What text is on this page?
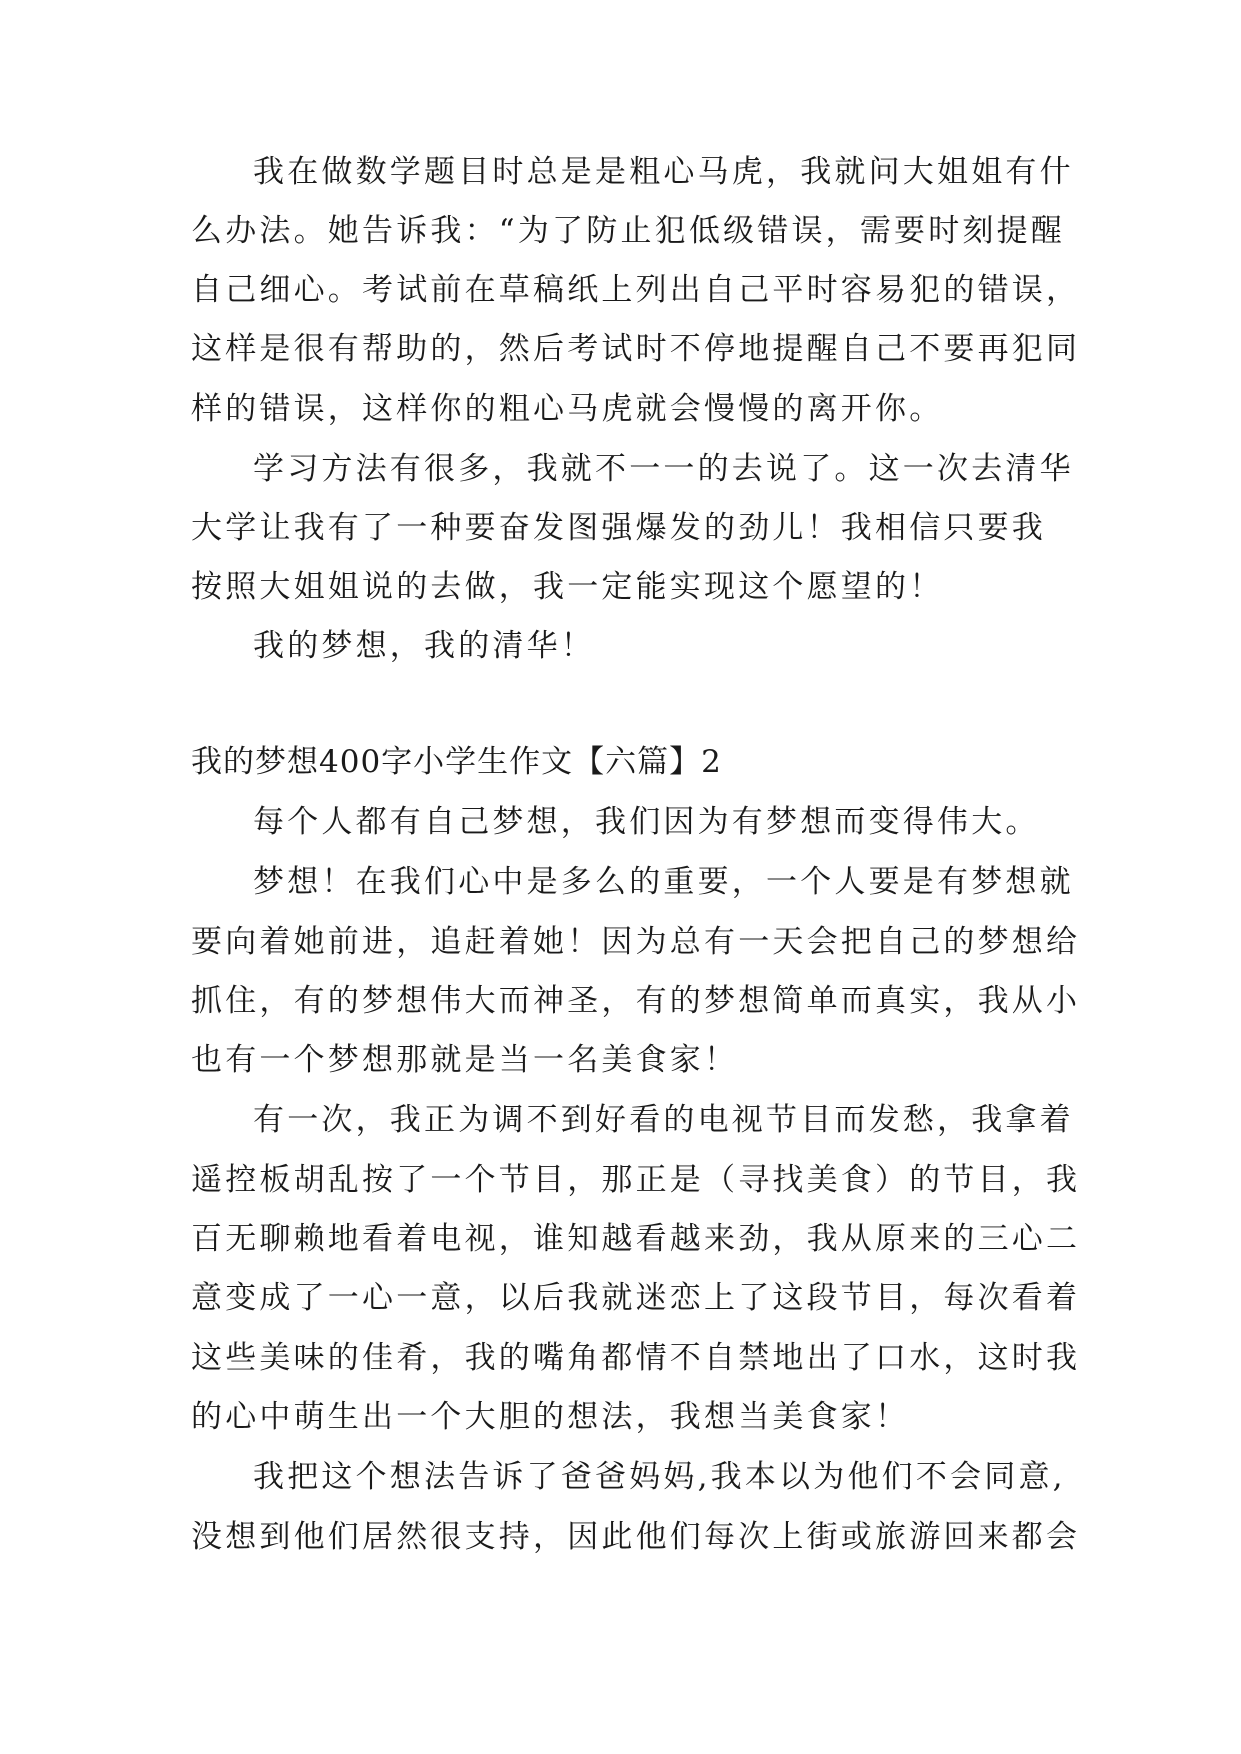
我在做数学题目时总是是粗心马虎，我就问大姐姐有什
么办法。她告诉我：“为了防止犯低级错误，需要时刻提醒
自己细心。考试前在草稿纸上列出自己平时容易犯的错误，
这样是很有帮助的，然后考试时不停地提醒自己不要再犯同
样的错误，这样你的粗心马虎就会慢慢的离开你。
学习方法有很多，我就不一一的去说了。这一次去清华
大学让我有了一种要奋发图强爆发的劲儿！我相信只要我
按照大姐姐说的去做，我一定能实现这个愿望的！
我的梦想，我的清华！
我的梦想400字小学生作文【六篇】2
每个人都有自己梦想，我们因为有梦想而变得伟大。
梦想！在我们心中是多么的重要，一个人要是有梦想就
要向着她前进，追赶着她！因为总有一天会把自己的梦想给
抓住，有的梦想伟大而神圣，有的梦想简单而真实，我从小
也有一个梦想那就是当一名美食家！
有一次，我正为调不到好看的电视节目而发愁，我拿着
遥控板胡乱按了一个节目，那正是（寻找美食）的节目，我
百无聊赖地看着电视，谁知越看越来劲，我从原来的三心二
意变成了一心一意，以后我就迷恋上了这段节目，每次看着
这些美味的佳肴，我的嘴角都情不自禁地出了口水，这时我
的心中萌生出一个大胆的想法，我想当美食家！
我把这个想法告诉了爸爸妈妈,我本以为他们不会同意,
没想到他们居然很支持，因此他们每次上街或旅游回来都会
